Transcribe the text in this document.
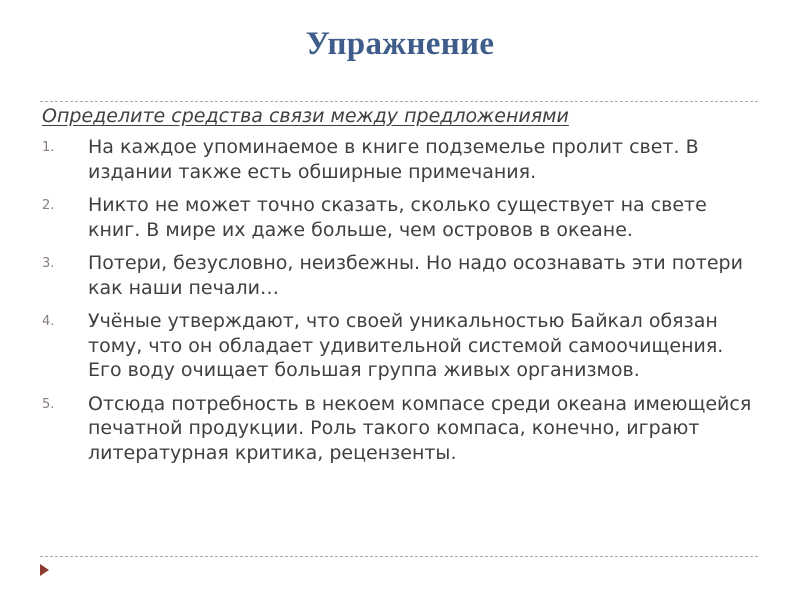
Упражнение
Определите средства связи между предложениями
1. На каждое упоминаемое в книге подземелье пролит свет. В издании также есть обширные примечания.
2. Никто не может точно сказать, сколько существует на свете книг. В мире их даже больше, чем островов в океане.
3. Потери, безусловно, неизбежны. Но надо осознавать эти потери как наши печали…
4. Учёные утверждают, что своей уникальностью Байкал обязан тому, что он обладает удивительной системой самоочищения. Его воду очищает большая группа живых организмов.
5. Отсюда потребность в некоем компасе среди океана имеющейся печатной продукции. Роль такого компаса, конечно, играют литературная критика, рецензенты.
